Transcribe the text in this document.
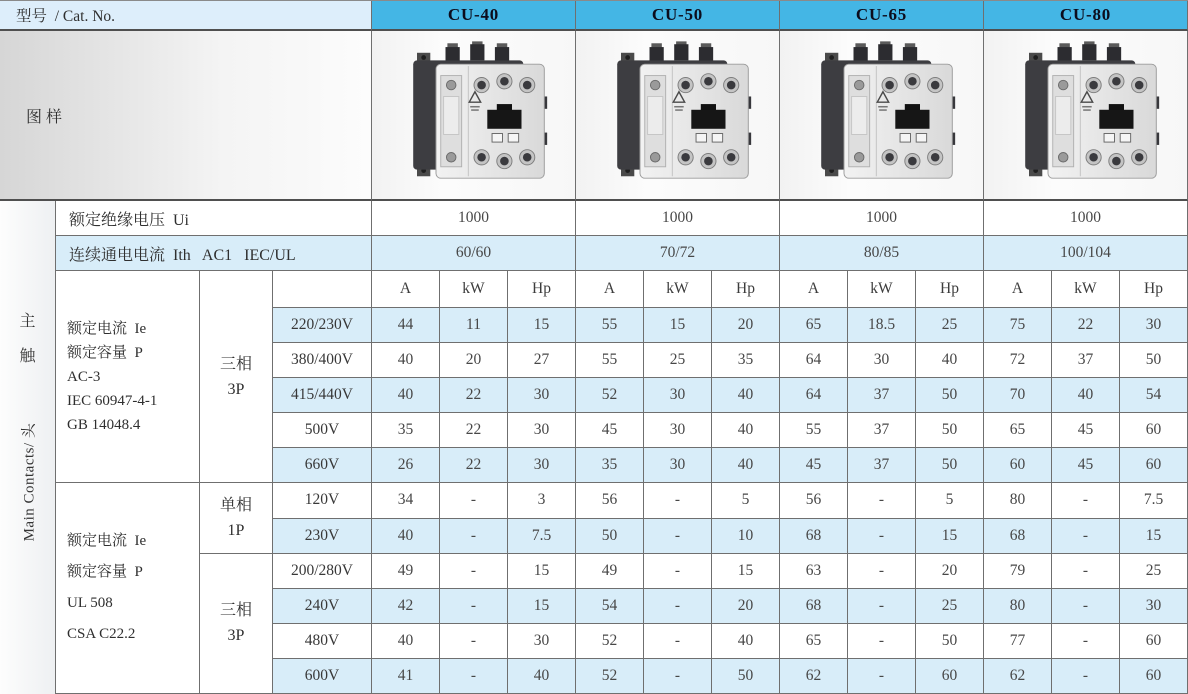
型号  / Cat. No.	CU-40	CU-50	CU-65	CU-80
图 样
主
触
Main Contacts/ 头
额定绝缘电压  Ui	1000	1000	1000	1000
连续通电电流  Ith   AC1   IEC/UL	60/60	70/72	80/85	100/104
额定电流  Ie
额定容量  P
AC-3
IEC 60947-4-1
GB 14048.4
三相
3P
额定电流  Ie
额定容量  P
UL 508
CSA C22.2
单相
1P
三相
3P
A	kW	Hp	A	kW	Hp	A	kW	Hp	A	kW	Hp
220/230V	44	11	15	55	15	20	65	18.5	25	75	22	30
380/400V	40	20	27	55	25	35	64	30	40	72	37	50
415/440V	40	22	30	52	30	40	64	37	50	70	40	54
500V	35	22	30	45	30	40	55	37	50	65	45	60
660V	26	22	30	35	30	40	45	37	50	60	45	60
120V	34	-	3	56	-	5	56	-	5	80	-	7.5
230V	40	-	7.5	50	-	10	68	-	15	68	-	15
200/280V	49	-	15	49	-	15	63	-	20	79	-	25
240V	42	-	15	54	-	20	68	-	25	80	-	30
480V	40	-	30	52	-	40	65	-	50	77	-	60
600V	41	-	40	52	-	50	62	-	60	62	-	60
